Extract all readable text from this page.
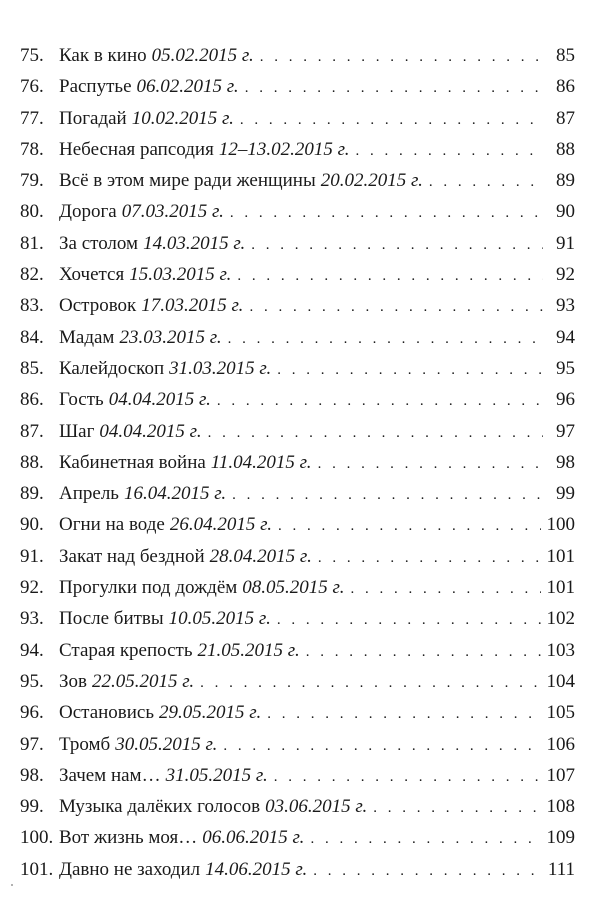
75. Как в кино 05.02.2015 г. . . .	85
76. Распутье 06.02.2015 г. . . .	86
77. Погадай 10.02.2015 г. . . .	87
78. Небесная рапсодия 12–13.02.2015 г. . . .	88
79. Всё в этом мире ради женщины 20.02.2015 г. . . .	89
80. Дорога 07.03.2015 г. . . .	90
81. За столом 14.03.2015 г. . . .	91
82. Хочется 15.03.2015 г. . . .	92
83. Островок 17.03.2015 г. . . .	93
84. Мадам 23.03.2015 г. . . .	94
85. Калейдоскоп 31.03.2015 г. . . .	95
86. Гость 04.04.2015 г. . . .	96
87. Шаг 04.04.2015 г. . . .	97
88. Кабинетная война 11.04.2015 г. . . .	98
89. Апрель 16.04.2015 г. . . .	99
90. Огни на воде 26.04.2015 г. . . .	100
91. Закат над бездной 28.04.2015 г. . . .	101
92. Прогулки под дождём 08.05.2015 г. . . .	101
93. После битвы 10.05.2015 г. . . .	102
94. Старая крепость 21.05.2015 г. . . .	103
95. Зов 22.05.2015 г. . . .	104
96. Остановись 29.05.2015 г. . . .	105
97. Тромб 30.05.2015 г. . . .	106
98. Зачем нам… 31.05.2015 г. . . .	107
99. Музыка далёких голосов 03.06.2015 г. . . .	108
100. Вот жизнь моя… 06.06.2015 г. . . .	109
101. Давно не заходил 14.06.2015 г. . . .	111
